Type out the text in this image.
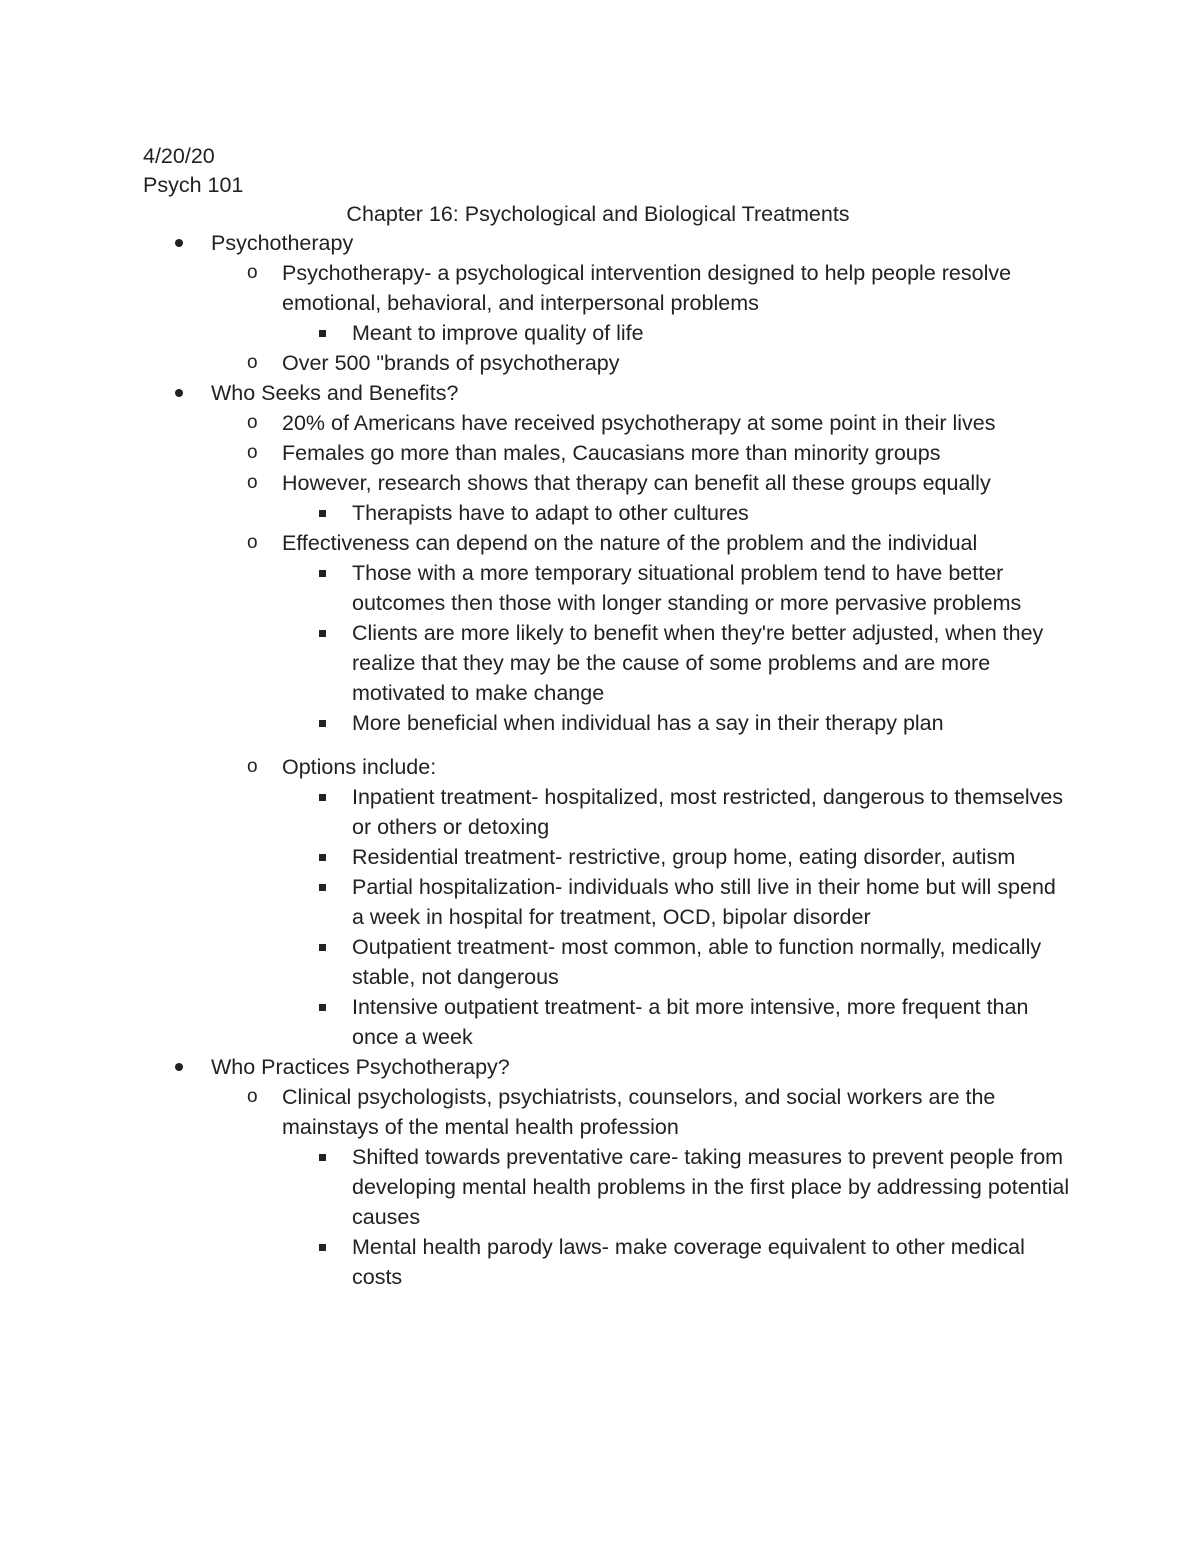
4/20/20
Psych 101
Chapter 16: Psychological and Biological Treatments
Psychotherapy
o Psychotherapy- a psychological intervention designed to help people resolve emotional, behavioral, and interpersonal problems
Meant to improve quality of life
o Over 500 "brands of psychotherapy
Who Seeks and Benefits?
o 20% of Americans have received psychotherapy at some point in their lives
o Females go more than males, Caucasians more than minority groups
o However, research shows that therapy can benefit all these groups equally
Therapists have to adapt to other cultures
o Effectiveness can depend on the nature of the problem and the individual
Those with a more temporary situational problem tend to have better outcomes then those with longer standing or more pervasive problems
Clients are more likely to benefit when they're better adjusted, when they realize that they may be the cause of some problems and are more motivated to make change
More beneficial when individual has a say in their therapy plan
o Options include:
Inpatient treatment- hospitalized, most restricted, dangerous to themselves or others or detoxing
Residential treatment- restrictive, group home, eating disorder, autism
Partial hospitalization- individuals who still live in their home but will spend a week in hospital for treatment, OCD, bipolar disorder
Outpatient treatment- most common, able to function normally, medically stable, not dangerous
Intensive outpatient treatment- a bit more intensive, more frequent than once a week
Who Practices Psychotherapy?
o Clinical psychologists, psychiatrists, counselors, and social workers are the mainstays of the mental health profession
Shifted towards preventative care- taking measures to prevent people from developing mental health problems in the first place by addressing potential causes
Mental health parody laws- make coverage equivalent to other medical costs
